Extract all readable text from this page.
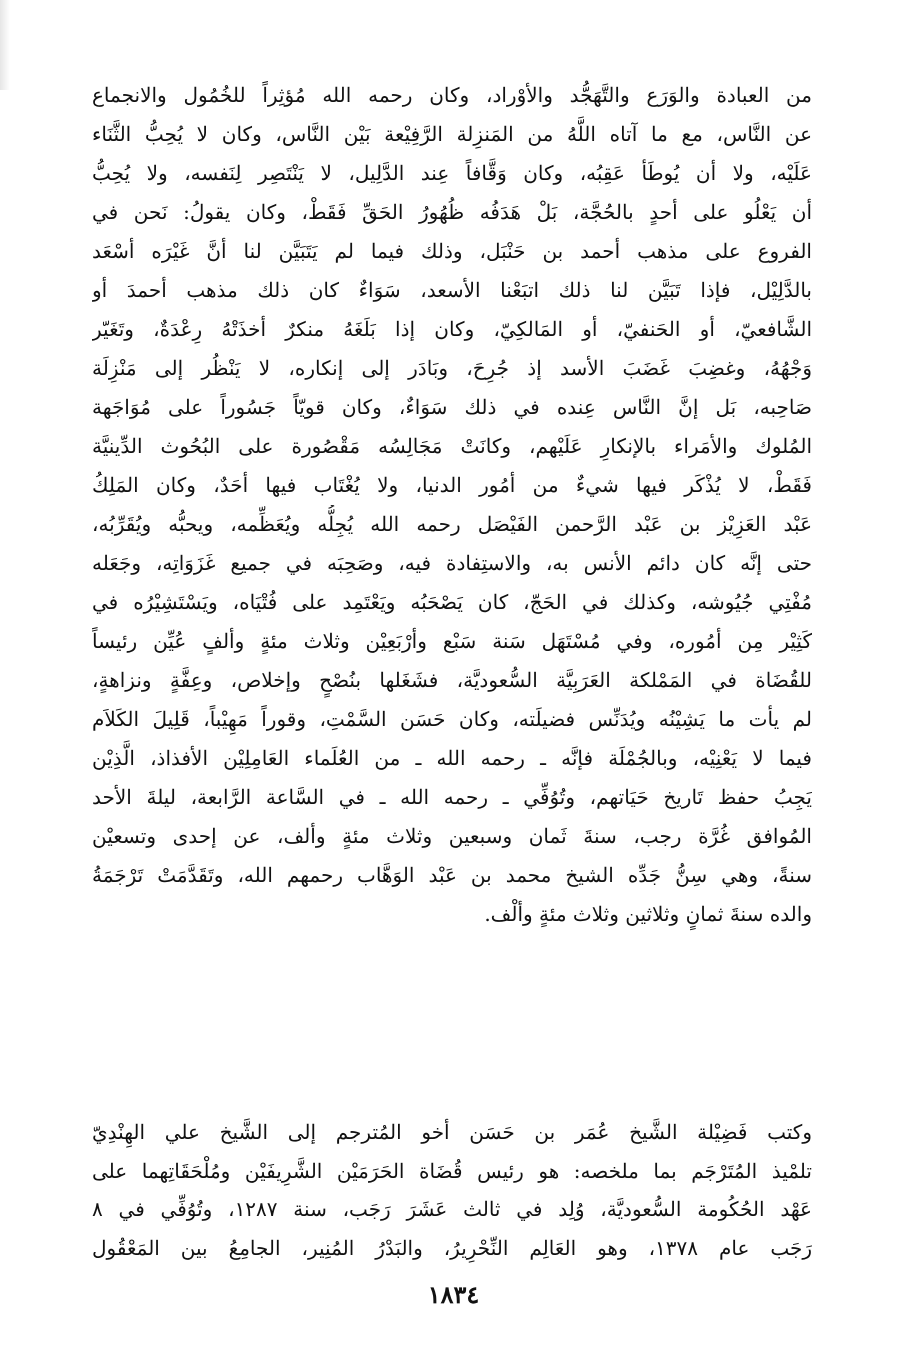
من العبادة والوَرَع والتَّهَجُّد والأوْراد، وكان رحمه الله مُؤثِراً للخُمُول والانجماع
عن النَّاس، مع ما آتاه اللَّهُ من المَنزِلة الرَّفِيْعة بَيْن النَّاس، وكان لا يُحِبُّ الثَّنَاء
عَلَيْه، ولا أن يُوطَأ عَقِبُه، وكان وَقَّافاً عِند الدَّلِيل، لا يَنْتَصِر لِنَفسه، ولا يُحِبُّ
أن يَعْلُو على أحدٍ بالحُجَّة، بَلْ هَدَفُه ظُهُورُ الحَقِّ فَقَطْ، وكان يقولُ: نَحن في
الفروع على مذهب أحمد بن حَنْبَل، وذلك فيما لم يَتَبَيَّن لنا أنَّ غَيْرَه أسْعَد
بالدَّلِيْل، فإذا تَبَيَّن لنا ذلك اتبَعْنا الأسعد، سَوَاءٌ كان ذلك مذهب أحمدَ أو
الشَّافعيّ، أو الحَنفيّ، أو المَالكِيّ، وكان إذا بَلَغَهُ منكرٌ أخذَتْهُ رِعْدَةٌ، وتَغَيّر
وَجْهُهُ، وغضِبَ غَضَبَ الأسد إذ جُرِحَ، وبَادَر إلى إنكاره، لا يَنْظُر إلى مَنْزِلَة
صَاحِبه، بَل إنَّ النَّاس عِنده في ذلك سَوَاءٌ، وكان قويّاً جَسُوراً على مُوَاجَهة
المُلوك والأمَراء بالإنكارِ عَلَيْهم، وكانَتْ مَجَالِسُه مَقْصُورة على البُحُوث الدِّينيَّة
فَقَطْ، لا يُذْكَر فيها شيءٌ من أمُور الدنيا، ولا يُغْتَاب فيها أحَدٌ، وكان المَلِكُ
عَبْد العَزِيْز بن عَبْد الرَّحمن الفَيْصَل رحمه الله يُجِلُّه ويُعَظِّمه، ويحبُّه ويُقَرِّبُه،
حتى إنَّه كان دائم الأنس به، والاستِفادة فيه، وصَحِبَه في جميع غَزَوَاتِه، وجَعَله
مُفْتِي جُيُوشه، وكذلك في الحَجّ، كان يَصْحَبُه ويَعْتَمِد على فُتْيَاه، ويَسْتَشِيْرُه في
كَثِيْر مِن أمُوره، وفي مُسْتَهَل سَنة سَبْع وأرْبَعِيْن وثلاث مئةٍ وألفٍ عُيِّن رئيساً
للقُضَاة في المَمْلكة العَرَبِيَّة السُّعوديَّة، فشَغَلها بنُصْحٍ وإخلاص، وعِفَّةٍ ونزاهةٍ،
لم يأت ما يَشِيْنُه ويُدَنِّس فضيلَته، وكان حَسَن السَّمْتِ، وقوراً مَهِيْباً، قَلِيلَ الكَلاَم
فيما لا يَعْنِيْه، وبالجُمْلَة فإنَّه ـ رحمه الله ـ من العُلَماء العَامِلِيْن الأفذاذ، الَّذِيْن
يَجِبُ حفظ تَاريخ حَيَاتهم، وتُوُفِّي ـ رحمه الله ـ في السَّاعة الرَّابعة، ليلةَ الأحد
المُوافق غُرَّة رجب، سنةَ ثَمان وسبعين وثلاث مئةٍ وألف، عن إحدى وتسعيْن
سنةً، وهي سِنُّ جَدِّه الشيخ محمد بن عَبْد الوَهَّاب رحمهم الله، وتَقَدَّمَتْ تَرْجَمَةُ
والده سنةَ ثمانٍ وثلاثين وثلاث مئةٍ وألْف.
وكتب فَضِيْلة الشَّيخ عُمَر بن حَسَن أخو المُترجم إلى الشَّيخ علي الهِنْدِيّ
تلمْيذ المُتَرْجَم بما ملخصه: هو رئيس قُضَاة الحَرَمَيْن الشَّرِيفَيْن ومُلْحَقَاتِهما على
عَهْد الحُكُومة السُّعوديَّة، وُلِد في ثالث عَشَرَ رَجَب، سنة ١٢٨٧، وتُوُفِّي في ٨
رَجَب عام ١٣٧٨، وهو العَالِم النِّحْرِيرُ، والبَدْرُ المُنِير، الجامِعُ بين المَعْقُول
١٨٣٤
